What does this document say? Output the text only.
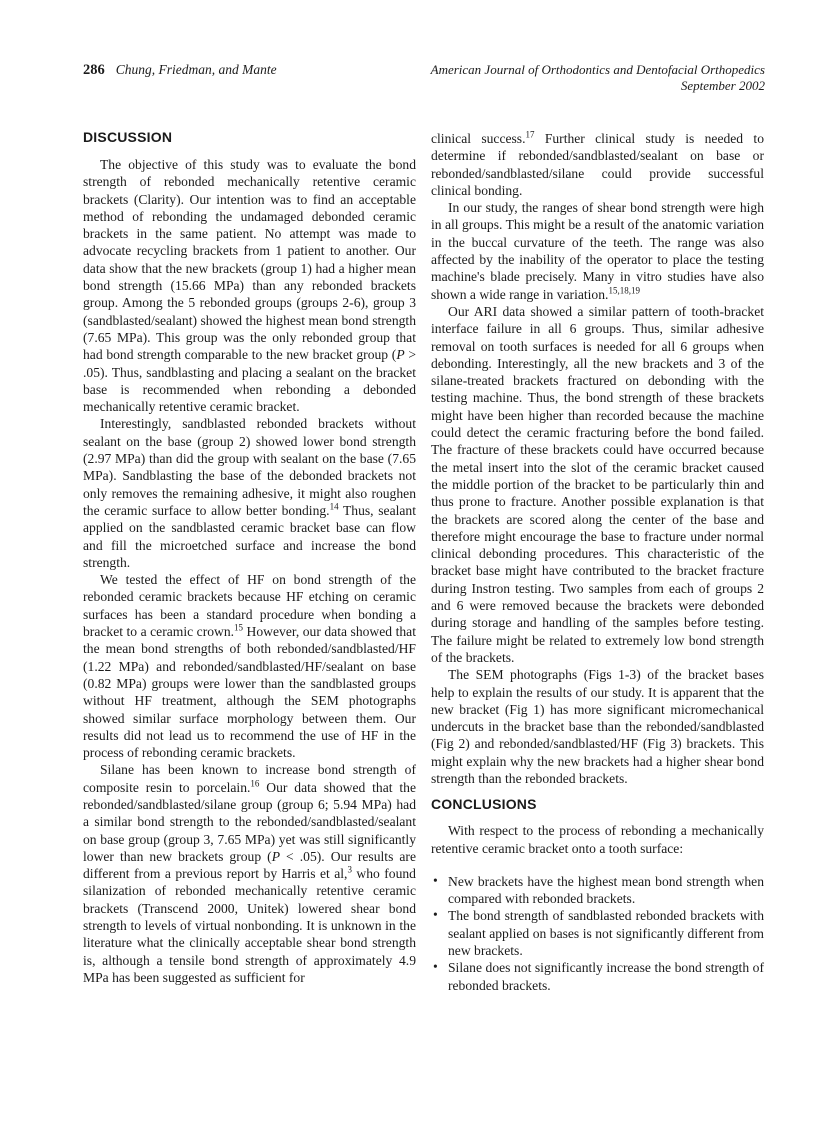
286 Chung, Friedman, and Mante	American Journal of Orthodontics and Dentofacial Orthopedics
September 2002
DISCUSSION

The objective of this study was to evaluate the bond strength of rebonded mechanically retentive ceramic brackets (Clarity). Our intention was to find an acceptable method of rebonding the undamaged debonded ceramic brackets in the same patient. No attempt was made to advocate recycling brackets from 1 patient to another. Our data show that the new brackets (group 1) had a higher mean bond strength (15.66 MPa) than any rebonded brackets group. Among the 5 rebonded groups (groups 2-6), group 3 (sandblasted/sealant) showed the highest mean bond strength (7.65 MPa). This group was the only rebonded group that had bond strength comparable to the new bracket group (P > .05). Thus, sandblasting and placing a sealant on the bracket base is recommended when rebonding a debonded mechanically retentive ceramic bracket.

Interestingly, sandblasted rebonded brackets without sealant on the base (group 2) showed lower bond strength (2.97 MPa) than did the group with sealant on the base (7.65 MPa). Sandblasting the base of the debonded brackets not only removes the remaining adhesive, it might also roughen the ceramic surface to allow better bonding.$^{14}$ Thus, sealant applied on the sandblasted ceramic bracket base can flow and fill the microetched surface and increase the bond strength.

We tested the effect of HF on bond strength of the rebonded ceramic brackets because HF etching on ceramic surfaces has been a standard procedure when bonding a bracket to a ceramic crown.$^{15}$ However, our data showed that the mean bond strengths of both rebonded/sandblasted/HF (1.22 MPa) and rebonded/sandblasted/HF/sealant on base (0.82 MPa) groups were lower than the sandblasted groups without HF treatment, although the SEM photographs showed similar surface morphology between them. Our results did not lead us to recommend the use of HF in the process of rebonding ceramic brackets.

Silane has been known to increase bond strength of composite resin to porcelain.$^{16}$ Our data showed that the rebonded/sandblasted/silane group (group 6; 5.94 MPa) had a similar bond strength to the rebonded/sandblasted/sealant on base group (group 3, 7.65 MPa) yet was still significantly lower than new brackets group (P < .05). Our results are different from a previous report by Harris et al,$^3$ who found silanization of rebonded mechanically retentive ceramic brackets (Transcend 2000, Unitek) lowered shear bond strength to levels of virtual nonbonding. It is unknown in the literature what the clinically acceptable shear bond strength is, although a tensile bond strength of approximately 4.9 MPa has been suggested as sufficient for

clinical success.$^{17}$ Further clinical study is needed to determine if rebonded/sandblasted/sealant on base or rebonded/sandblasted/silane could provide successful clinical bonding.

In our study, the ranges of shear bond strength were high in all groups. This might be a result of the anatomic variation in the buccal curvature of the teeth. The range was also affected by the inability of the operator to place the testing machine's blade precisely. Many in vitro studies have also shown a wide range in variation.$^{15,18,19}$

Our ARI data showed a similar pattern of tooth-bracket interface failure in all 6 groups. Thus, similar adhesive removal on tooth surfaces is needed for all 6 groups when debonding. Interestingly, all the new brackets and 3 of the silane-treated brackets fractured on debonding with the testing machine. Thus, the bond strength of these brackets might have been higher than recorded because the machine could detect the ceramic fracturing before the bond failed. The fracture of these brackets could have occurred because the metal insert into the slot of the ceramic bracket caused the middle portion of the bracket to be particularly thin and thus prone to fracture. Another possible explanation is that the brackets are scored along the center of the base and therefore might encourage the base to fracture under normal clinical debonding procedures. This characteristic of the bracket base might have contributed to the bracket fracture during Instron testing. Two samples from each of groups 2 and 6 were removed because the brackets were debonded during storage and handling of the samples before testing. The failure might be related to extremely low bond strength of the brackets.

The SEM photographs (Figs 1-3) of the bracket bases help to explain the results of our study. It is apparent that the new bracket (Fig 1) has more significant micromechanical undercuts in the bracket base than the rebonded/sandblasted (Fig 2) and rebonded/sandblasted/HF (Fig 3) brackets. This might explain why the new brackets had a higher shear bond strength than the rebonded brackets.

CONCLUSIONS

With respect to the process of rebonding a mechanically retentive ceramic bracket onto a tooth surface:

• New brackets have the highest mean bond strength when compared with rebonded brackets.
• The bond strength of sandblasted rebonded brackets with sealant applied on bases is not significantly different from new brackets.
• Silane does not significantly increase the bond strength of rebonded brackets.
